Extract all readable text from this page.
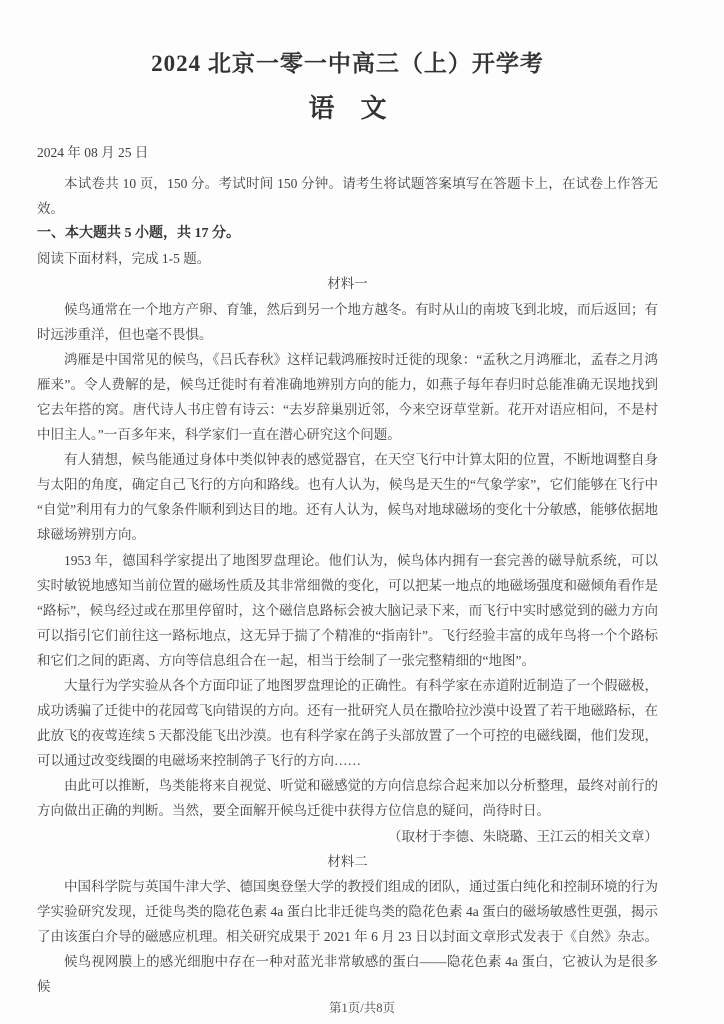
2024 北京一零一中高三（上）开学考
语　文
2024 年 08 月 25 日

本试卷共 10 页，150 分。考试时间 150 分钟。请考生将试题答案填写在答题卡上，在试卷上作答无效。

一、本大题共 5 小题，共 17 分。

阅读下面材料，完成 1-5 题。

材料一

候鸟通常在一个地方产卵、育雏，然后到另一个地方越冬。有时从山的南坡飞到北坡，而后返回；有时远涉重洋，但也毫不畏惧。

鸿雁是中国常见的候鸟，《吕氏春秋》这样记载鸿雁按时迁徙的现象：“孟秋之月鸿雁北，孟春之月鸿雁来”。令人费解的是，候鸟迁徙时有着准确地辨别方向的能力，如燕子每年春归时总能准确无误地找到它去年搭的窝。唐代诗人书庄曾有诗云：“去岁辞巢别近邻，今来空讶草堂新。花开对语应相问，不是村中旧主人。”一百多年来，科学家们一直在潜心研究这个问题。

有人猜想，候鸟能通过身体中类似钟表的感觉器官，在天空飞行中计算太阳的位置，不断地调整自身与太阳的角度，确定自己飞行的方向和路线。也有人认为，候鸟是天生的“气象学家”，它们能够在飞行中“自觉”利用有力的气象条件顺利到达目的地。还有人认为，候鸟对地球磁场的变化十分敏感，能够依据地球磁场辨别方向。

1953 年，德国科学家提出了地图罗盘理论。他们认为，候鸟体内拥有一套完善的磁导航系统，可以实时敏锐地感知当前位置的磁场性质及其非常细微的变化，可以把某一地点的地磁场强度和磁倾角看作是“路标”，候鸟经过或在那里停留时，这个磁信息路标会被大脑记录下来，而飞行中实时感觉到的磁力方向可以指引它们前往这一路标地点，这无异于揣了个精准的“指南针”。飞行经验丰富的成年鸟将一个个路标和它们之间的距离、方向等信息组合在一起，相当于绘制了一张完整精细的“地图”。

大量行为学实验从各个方面印证了地图罗盘理论的正确性。有科学家在赤道附近制造了一个假磁极，成功诱骗了迁徙中的花园莺飞向错误的方向。还有一批研究人员在撒哈拉沙漠中设置了若干地磁路标，在此放飞的夜莺连续 5 天都没能飞出沙漠。也有科学家在鸽子头部放置了一个可控的电磁线圈，他们发现，可以通过改变线圈的电磁场来控制鸽子飞行的方向……

由此可以推断，鸟类能将来自视觉、听觉和磁感觉的方向信息综合起来加以分析整理，最终对前行的方向做出正确的判断。当然，要全面解开候鸟迁徙中获得方位信息的疑问，尚待时日。

（取材于李德、朱晓璐、王江云的相关文章）

材料二

中国科学院与英国牛津大学、德国奥登堡大学的教授们组成的团队，通过蛋白纯化和控制环境的行为学实验研究发现，迁徙鸟类的隐花色素 4a 蛋白比非迁徙鸟类的隐花色素 4a 蛋白的磁场敏感性更强，揭示了由该蛋白介导的磁感应机理。相关研究成果于 2021 年 6 月 23 日以封面文章形式发表于《自然》杂志。

候鸟视网膜上的感光细胞中存在一种对蓝光非常敏感的蛋白——隐花色素 4a 蛋白，它被认为是很多候

第1页/共8页
